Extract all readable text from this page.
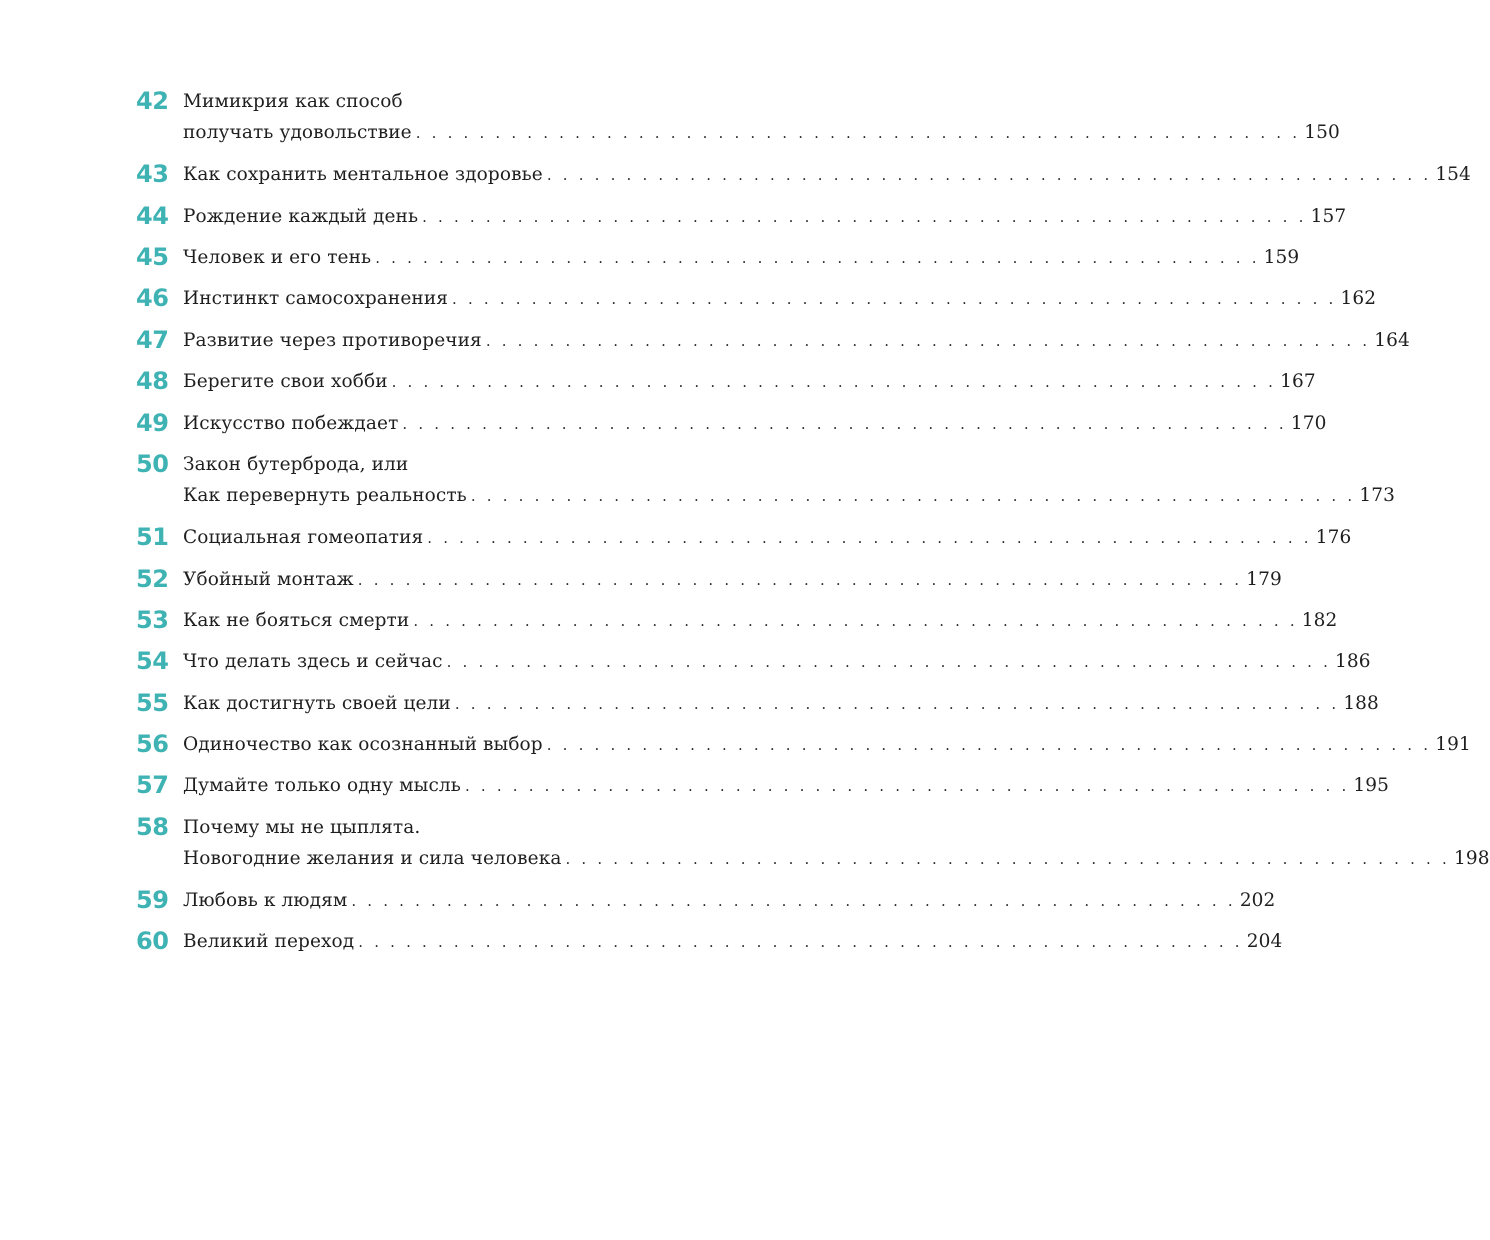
42 Мимикрия как способ
получать удовольствие . . . . . . . . . . . . . . . . . . . . . . . . . . . . . . . . . . . . . . . . . . . . . . . . . . . . . . . . 150
43 Как сохранить ментальное здоровье . . . . . . . . . . . . . . . . . . . . . . . . . . . . . . . . . . . . . . . . . . . . . . . . . . . . . . . . 154
44 Рождение каждый день . . . . . . . . . . . . . . . . . . . . . . . . . . . . . . . . . . . . . . . . . . . . . . . . . . . . . . . . 157
45 Человек и его тень . . . . . . . . . . . . . . . . . . . . . . . . . . . . . . . . . . . . . . . . . . . . . . . . . . . . . . . . 159
46 Инстинкт самосохранения . . . . . . . . . . . . . . . . . . . . . . . . . . . . . . . . . . . . . . . . . . . . . . . . . . . . . . . . 162
47 Развитие через противоречия . . . . . . . . . . . . . . . . . . . . . . . . . . . . . . . . . . . . . . . . . . . . . . . . . . . . . . . . 164
48 Берегите свои хобби . . . . . . . . . . . . . . . . . . . . . . . . . . . . . . . . . . . . . . . . . . . . . . . . . . . . . . . . 167
49 Искусство побеждает . . . . . . . . . . . . . . . . . . . . . . . . . . . . . . . . . . . . . . . . . . . . . . . . . . . . . . . . 170
50 Закон бутерброда, или
Как перевернуть реальность . . . . . . . . . . . . . . . . . . . . . . . . . . . . . . . . . . . . . . . . . . . . . . . . . . . . . . . . 173
51 Социальная гомеопатия . . . . . . . . . . . . . . . . . . . . . . . . . . . . . . . . . . . . . . . . . . . . . . . . . . . . . . . . 176
52 Убойный монтаж . . . . . . . . . . . . . . . . . . . . . . . . . . . . . . . . . . . . . . . . . . . . . . . . . . . . . . . . 179
53 Как не бояться смерти . . . . . . . . . . . . . . . . . . . . . . . . . . . . . . . . . . . . . . . . . . . . . . . . . . . . . . . . 182
54 Что делать здесь и сейчас . . . . . . . . . . . . . . . . . . . . . . . . . . . . . . . . . . . . . . . . . . . . . . . . . . . . . . . . 186
55 Как достигнуть своей цели . . . . . . . . . . . . . . . . . . . . . . . . . . . . . . . . . . . . . . . . . . . . . . . . . . . . . . . . 188
56 Одиночество как осознанный выбор . . . . . . . . . . . . . . . . . . . . . . . . . . . . . . . . . . . . . . . . . . . . . . . . . . . . . . . . 191
57 Думайте только одну мысль . . . . . . . . . . . . . . . . . . . . . . . . . . . . . . . . . . . . . . . . . . . . . . . . . . . . . . . . 195
58 Почему мы не цыплята.
Новогодние желания и сила человека . . . . . . . . . . . . . . . . . . . . . . . . . . . . . . . . . . . . . . . . . . . . . . . . . . . . . . . . 198
59 Любовь к людям . . . . . . . . . . . . . . . . . . . . . . . . . . . . . . . . . . . . . . . . . . . . . . . . . . . . . . . . 202
60 Великий переход . . . . . . . . . . . . . . . . . . . . . . . . . . . . . . . . . . . . . . . . . . . . . . . . . . . . . . . . 204
